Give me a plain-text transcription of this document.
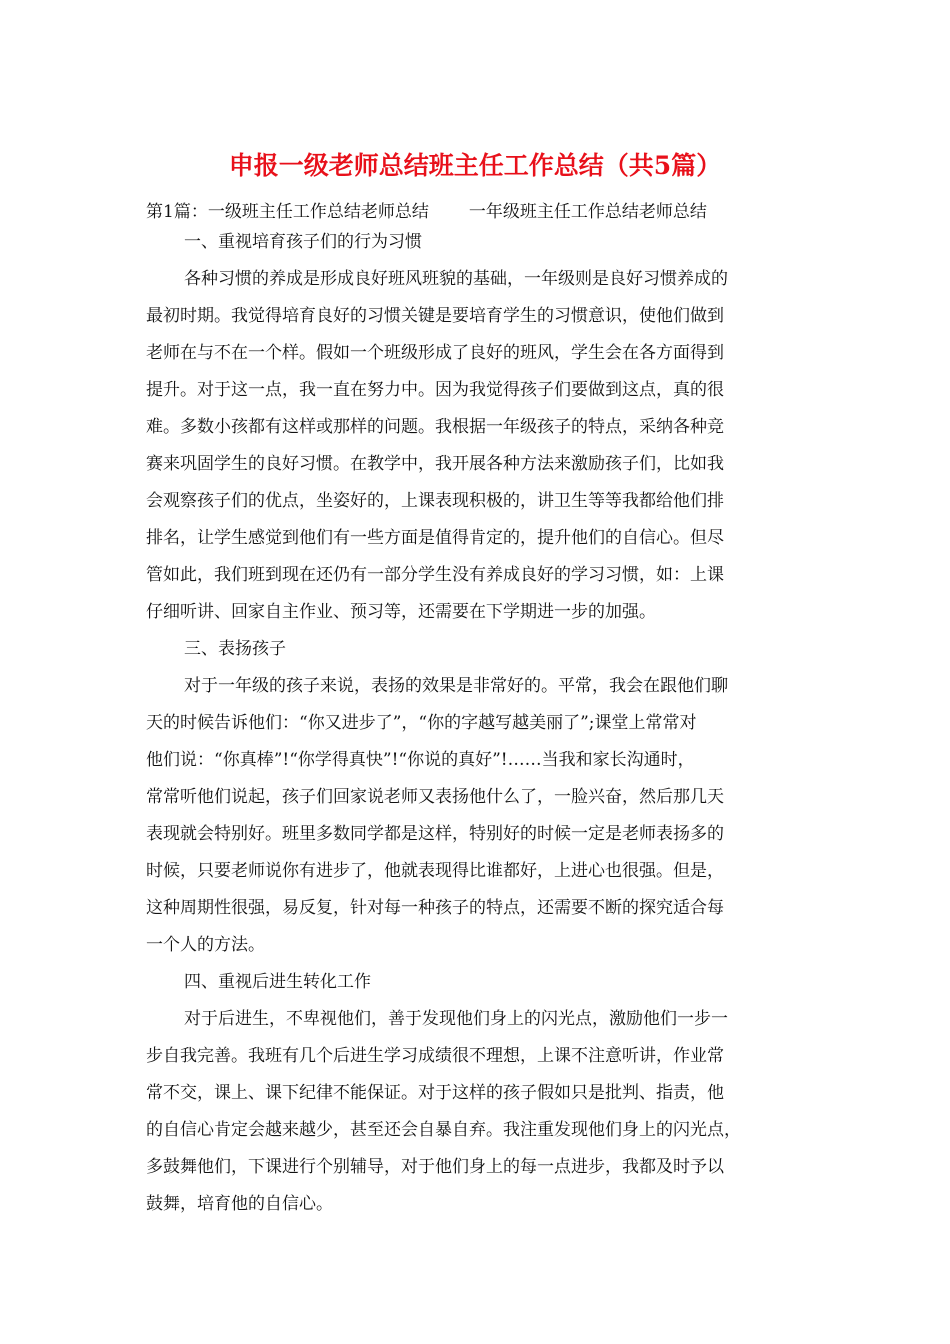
申报一级老师总结班主任工作总结（共5篇）
第1篇：一级班主任工作总结老师总结 一年级班主任工作总结老师总结
一、重视培育孩子们的行为习惯
各种习惯的养成是形成良好班风班貌的基础，一年级则是良好习惯养成的
最初时期。我觉得培育良好的习惯关键是要培育学生的习惯意识，使他们做到
老师在与不在一个样。假如一个班级形成了良好的班风，学生会在各方面得到
提升。对于这一点，我一直在努力中。因为我觉得孩子们要做到这点，真的很
难。多数小孩都有这样或那样的问题。我根据一年级孩子的特点，采纳各种竞
赛来巩固学生的良好习惯。在教学中，我开展各种方法来激励孩子们，比如我
会观察孩子们的优点，坐姿好的，上课表现积极的，讲卫生等等我都给他们排
排名，让学生感觉到他们有一些方面是值得肯定的，提升他们的自信心。但尽
管如此，我们班到现在还仍有一部分学生没有养成良好的学习习惯，如：上课
仔细听讲、回家自主作业、预习等，还需要在下学期进一步的加强。
三、表扬孩子
对于一年级的孩子来说，表扬的效果是非常好的。平常，我会在跟他们聊
天的时候告诉他们：“你又进步了”，“你的字越写越美丽了”;课堂上常常对
他们说：“你真棒”!“你学得真快”!“你说的真好”!……当我和家长沟通时，
常常听他们说起，孩子们回家说老师又表扬他什么了，一脸兴奋，然后那几天
表现就会特别好。班里多数同学都是这样，特别好的时候一定是老师表扬多的
时候，只要老师说你有进步了，他就表现得比谁都好，上进心也很强。但是，
这种周期性很强，易反复，针对每一种孩子的特点，还需要不断的探究适合每
一个人的方法。
四、重视后进生转化工作
对于后进生，不卑视他们，善于发现他们身上的闪光点，激励他们一步一
步自我完善。我班有几个后进生学习成绩很不理想，上课不注意听讲，作业常
常不交，课上、课下纪律不能保证。对于这样的孩子假如只是批判、指责，他
的自信心肯定会越来越少，甚至还会自暴自弃。我注重发现他们身上的闪光点，
多鼓舞他们，下课进行个别辅导，对于他们身上的每一点进步，我都及时予以
鼓舞，培育他的自信心。
